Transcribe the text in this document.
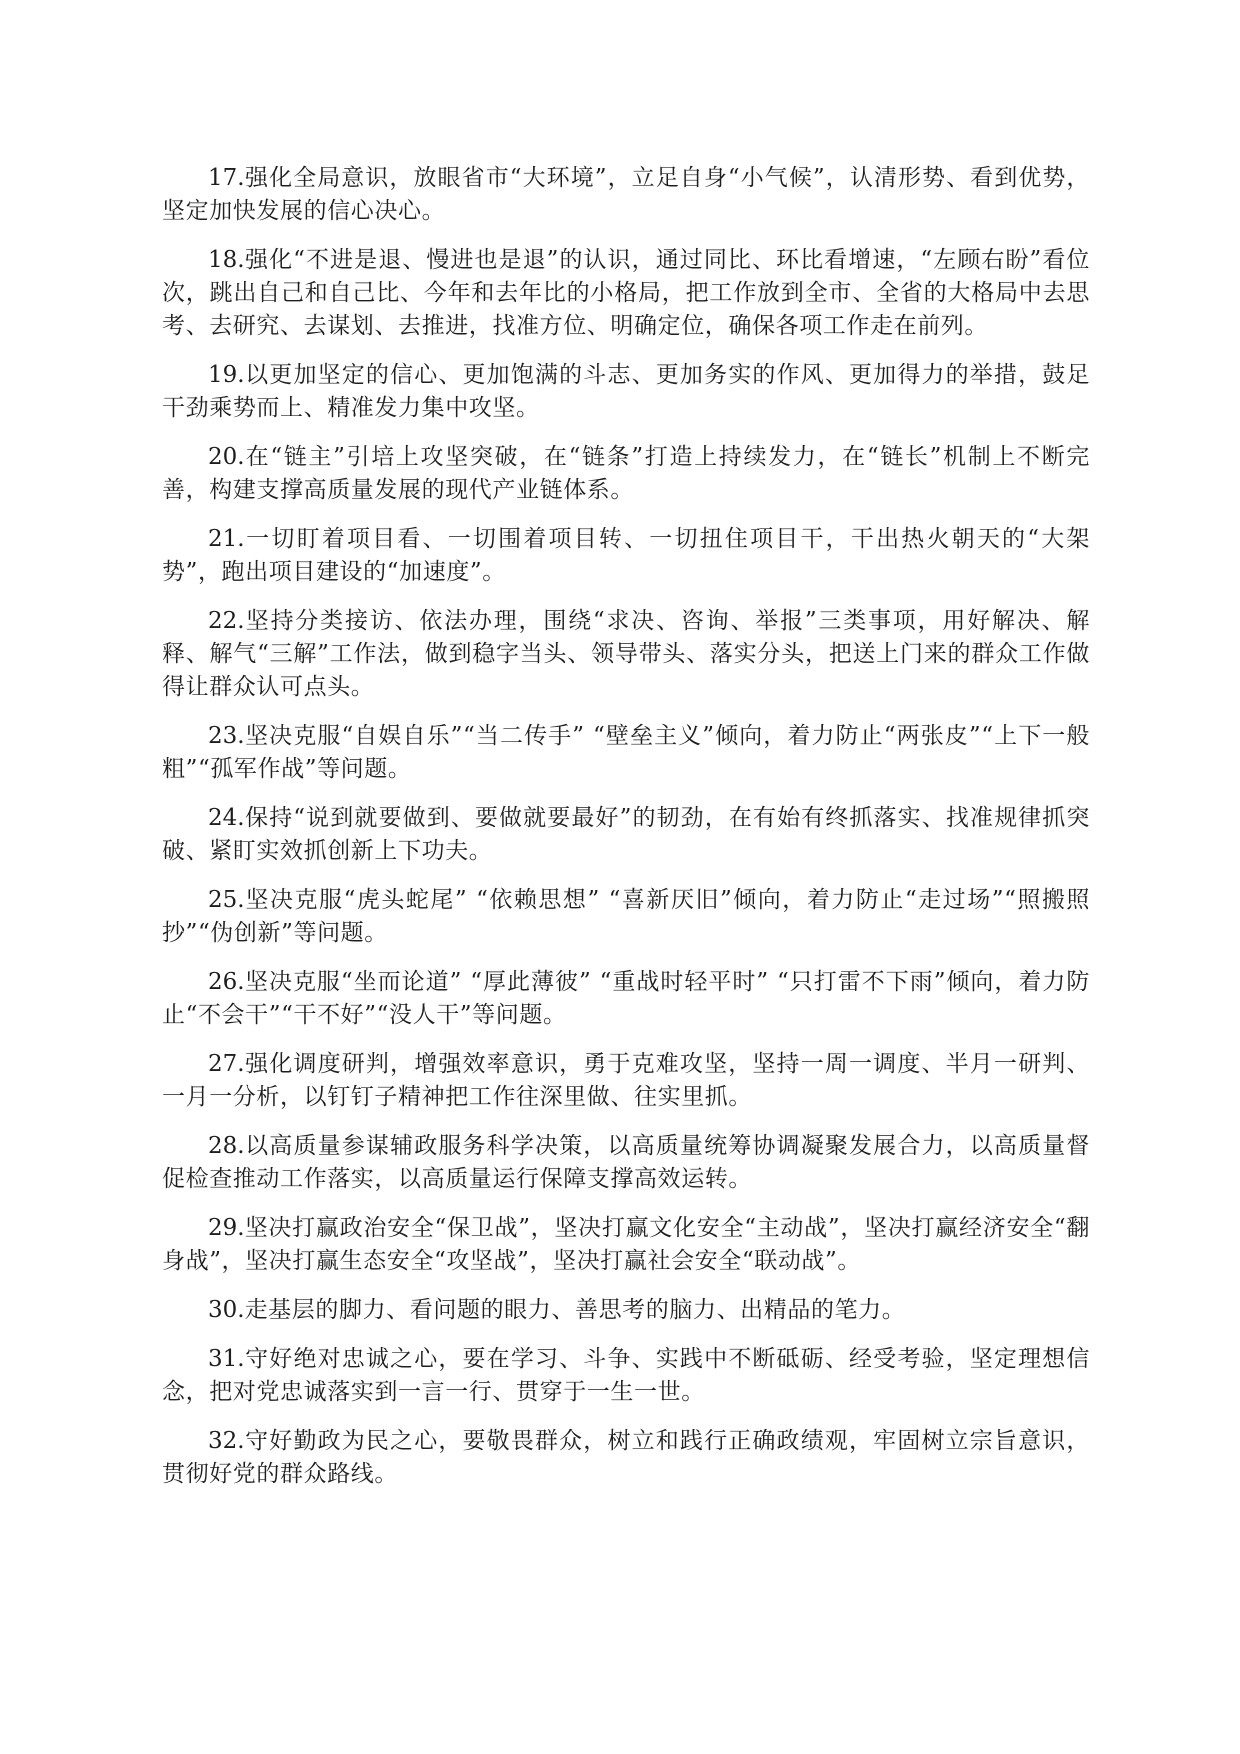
17.强化全局意识，放眼省市“大环境”，立足自身“小气候”，认清形势、看到优势，坚定加快发展的信心决心。

18.强化“不进是退、慢进也是退”的认识，通过同比、环比看增速，“左顾右盼”看位次，跳出自己和自己比、今年和去年比的小格局，把工作放到全市、全省的大格局中去思考、去研究、去谋划、去推进，找准方位、明确定位，确保各项工作走在前列。

19.以更加坚定的信心、更加饱满的斗志、更加务实的作风、更加得力的举措，鼓足干劲乘势而上、精准发力集中攻坚。

20.在“链主”引培上攻坚突破，在“链条”打造上持续发力，在“链长”机制上不断完善，构建支撑高质量发展的现代产业链体系。

21.一切盯着项目看、一切围着项目转、一切扭住项目干，干出热火朝天的“大架势”，跑出项目建设的“加速度”。

22.坚持分类接访、依法办理，围绕“求决、咨询、举报”三类事项，用好解决、解释、解气“三解”工作法，做到稳字当头、领导带头、落实分头，把送上门来的群众工作做得让群众认可点头。

23.坚决克服“自娱自乐”“当二传手” “壁垒主义”倾向，着力防止“两张皮”“上下一般粗”“孤军作战”等问题。

24.保持“说到就要做到、要做就要最好”的韧劲，在有始有终抓落实、找准规律抓突破、紧盯实效抓创新上下功夫。

25.坚决克服“虎头蛇尾” “依赖思想” “喜新厌旧”倾向，着力防止“走过场”“照搬照抄”“伪创新”等问题。

26.坚决克服“坐而论道” “厚此薄彼” “重战时轻平时” “只打雷不下雨”倾向，着力防止“不会干”“干不好”“没人干”等问题。

27.强化调度研判，增强效率意识，勇于克难攻坚，坚持一周一调度、半月一研判、一月一分析，以钉钉子精神把工作往深里做、往实里抓。

28.以高质量参谋辅政服务科学决策，以高质量统筹协调凝聚发展合力，以高质量督促检查推动工作落实，以高质量运行保障支撑高效运转。

29.坚决打赢政治安全“保卫战”，坚决打赢文化安全“主动战”，坚决打赢经济安全“翻身战”，坚决打赢生态安全“攻坚战”，坚决打赢社会安全“联动战”。

30.走基层的脚力、看问题的眼力、善思考的脑力、出精品的笔力。

31.守好绝对忠诚之心，要在学习、斗争、实践中不断砥砺、经受考验，坚定理想信念，把对党忠诚落实到一言一行、贯穿于一生一世。

32.守好勤政为民之心，要敬畏群众，树立和践行正确政绩观，牢固树立宗旨意识，贯彻好党的群众路线。
